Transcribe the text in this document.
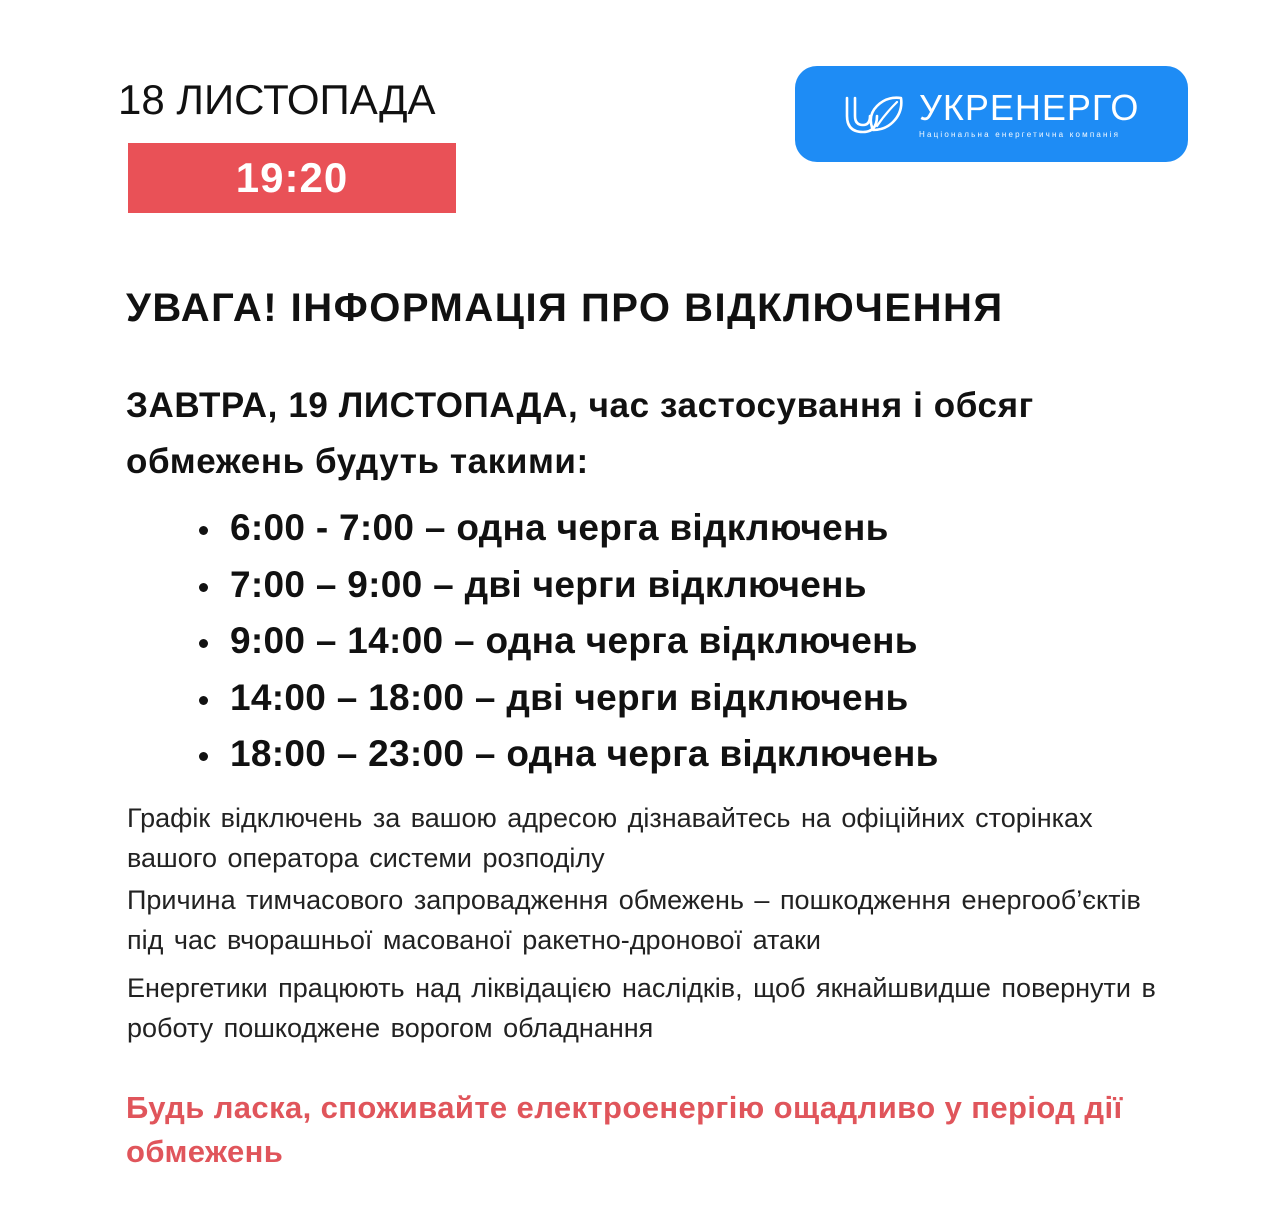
18 ЛИСТОПАДА
19:20
УКРЕНЕРГО
Національна енергетична компанія
УВАГА! ІНФОРМАЦІЯ ПРО ВІДКЛЮЧЕННЯ
ЗАВТРА, 19 ЛИСТОПАДА, час застосування і обсяг обмежень будуть такими:
6:00 - 7:00 – одна черга відключень
7:00 – 9:00 – дві черги відключень
9:00 – 14:00 – одна черга відключень
14:00 – 18:00 – дві черги відключень
18:00 – 23:00 – одна черга відключень
Графік відключень за вашою адресою дізнавайтесь на офіційних сторінках вашого оператора системи розподілу
Причина тимчасового запровадження обмежень – пошкодження енергооб’єктів під час вчорашньої масованої ракетно-дронової атаки
Енергетики працюють над ліквідацією наслідків, щоб якнайшвидше повернути в роботу пошкоджене ворогом обладнання
Будь ласка, споживайте електроенергію ощадливо у період дії обмежень
